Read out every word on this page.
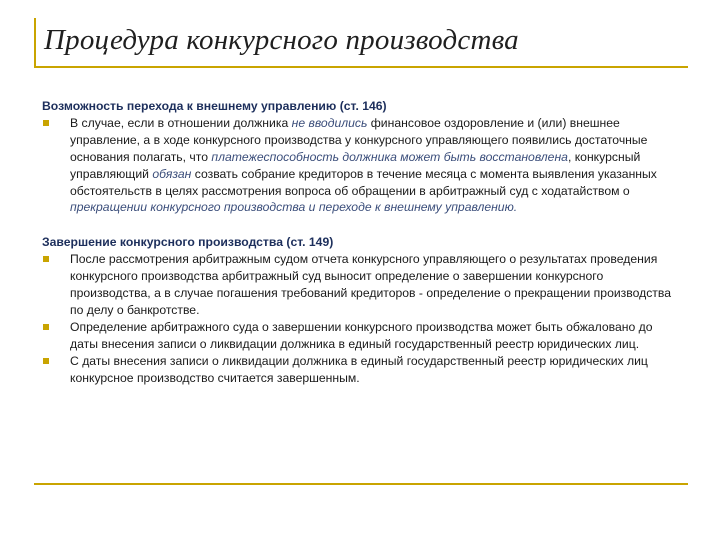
Процедура конкурсного производства
Возможность перехода к внешнему управлению (ст. 146)
В случае, если в отношении должника не вводились финансовое оздоровление и (или) внешнее управление, а в ходе конкурсного производства у конкурсного управляющего появились достаточные основания полагать, что платежеспособность должника может быть восстановлена, конкурсный управляющий обязан созвать собрание кредиторов в течение месяца с момента выявления указанных обстоятельств в целях рассмотрения вопроса об обращении в арбитражный суд с ходатайством о прекращении конкурсного производства и переходе к внешнему управлению.
Завершение конкурсного производства (ст. 149)
После рассмотрения арбитражным судом отчета конкурсного управляющего о результатах проведения конкурсного производства арбитражный суд выносит определение о завершении конкурсного производства, а в случае погашения требований кредиторов - определение о прекращении производства по делу о банкротстве.
Определение арбитражного суда о завершении конкурсного производства может быть обжаловано до даты внесения записи о ликвидации должника в единый государственный реестр юридических лиц.
С даты внесения записи о ликвидации должника в единый государственный реестр юридических лиц конкурсное производство считается завершенным.
